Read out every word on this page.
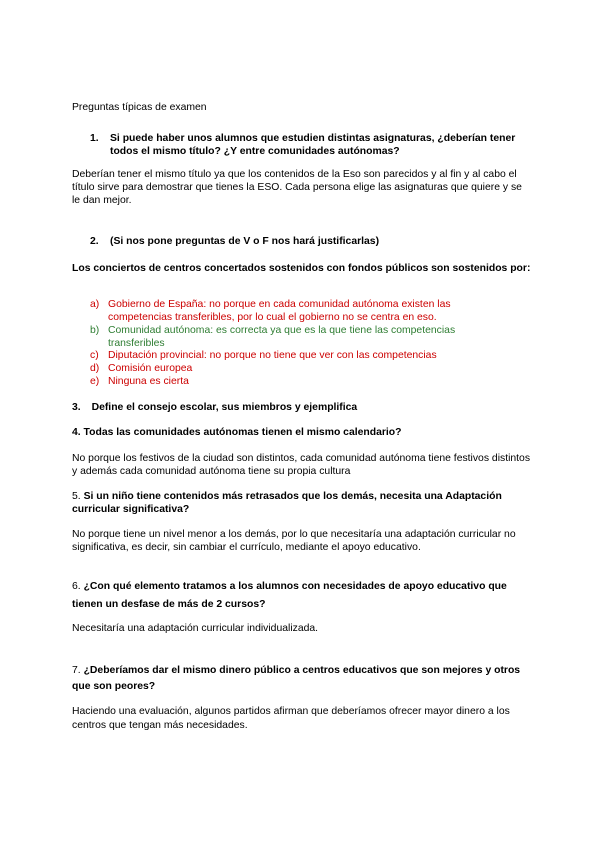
Preguntas típicas de examen
1.	Si puede haber unos alumnos que estudien distintas asignaturas, ¿deberían tener todos el mismo título? ¿Y entre comunidades autónomas?
Deberían tener el mismo título ya que los contenidos de la Eso son parecidos y al fin y al cabo el título sirve para demostrar que tienes la ESO. Cada persona elige las asignaturas que quiere y se le dan mejor.
2.	(Si nos pone preguntas de V o F nos hará justificarlas)
Los conciertos de centros concertados sostenidos con fondos públicos son sostenidos por:
a) Gobierno de España: no porque en cada comunidad autónoma existen las competencias transferibles, por lo cual el gobierno no se centra en eso.
b) Comunidad autónoma: es correcta ya que es la que tiene las competencias transferibles
c) Diputación provincial: no porque no tiene que ver con las competencias
d) Comisión europea
e) Ninguna es cierta
3. Define el consejo escolar, sus miembros y ejemplifica
4. Todas las comunidades autónomas tienen el mismo calendario?
No porque los festivos de la ciudad son distintos, cada comunidad autónoma tiene festivos distintos y además cada comunidad autónoma tiene su propia cultura
5. Si un niño tiene contenidos más retrasados que los demás, necesita una Adaptación curricular significativa?
No porque tiene un nivel menor a los demás, por lo que necesitaría una adaptación curricular no significativa, es decir, sin cambiar el currículo, mediante el apoyo educativo.
6. ¿Con qué elemento tratamos a los alumnos con necesidades de apoyo educativo que tienen un desfase de más de 2 cursos?
Necesitaría una adaptación curricular individualizada.
7. ¿Deberíamos dar el mismo dinero público a centros educativos que son mejores y otros que son peores?
Haciendo una evaluación, algunos partidos afirman que deberíamos ofrecer mayor dinero a los centros que tengan más necesidades.
